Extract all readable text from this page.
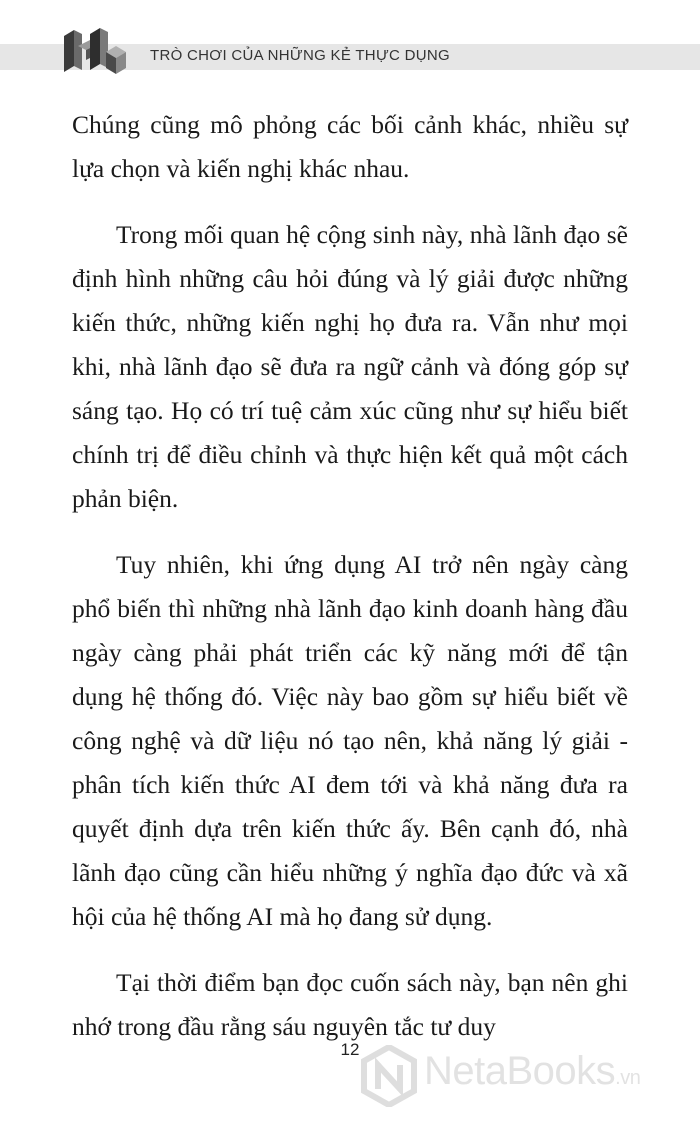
TRÒ CHƠI CỦA NHỮNG KẺ THỰC DỤNG

Chúng cũng mô phỏng các bối cảnh khác, nhiều sự lựa chọn và kiến nghị khác nhau.

Trong mối quan hệ cộng sinh này, nhà lãnh đạo sẽ định hình những câu hỏi đúng và lý giải được những kiến thức, những kiến nghị họ đưa ra. Vẫn như mọi khi, nhà lãnh đạo sẽ đưa ra ngữ cảnh và đóng góp sự sáng tạo. Họ có trí tuệ cảm xúc cũng như sự hiểu biết chính trị để điều chỉnh và thực hiện kết quả một cách phản biện.

Tuy nhiên, khi ứng dụng AI trở nên ngày càng phổ biến thì những nhà lãnh đạo kinh doanh hàng đầu ngày càng phải phát triển các kỹ năng mới để tận dụng hệ thống đó. Việc này bao gồm sự hiểu biết về công nghệ và dữ liệu nó tạo nên, khả năng lý giải - phân tích kiến thức AI đem tới và khả năng đưa ra quyết định dựa trên kiến thức ấy. Bên cạnh đó, nhà lãnh đạo cũng cần hiểu những ý nghĩa đạo đức và xã hội của hệ thống AI mà họ đang sử dụng.

Tại thời điểm bạn đọc cuốn sách này, bạn nên ghi nhớ trong đầu rằng sáu nguyên tắc tư duy

12	NetaBooks.vn
